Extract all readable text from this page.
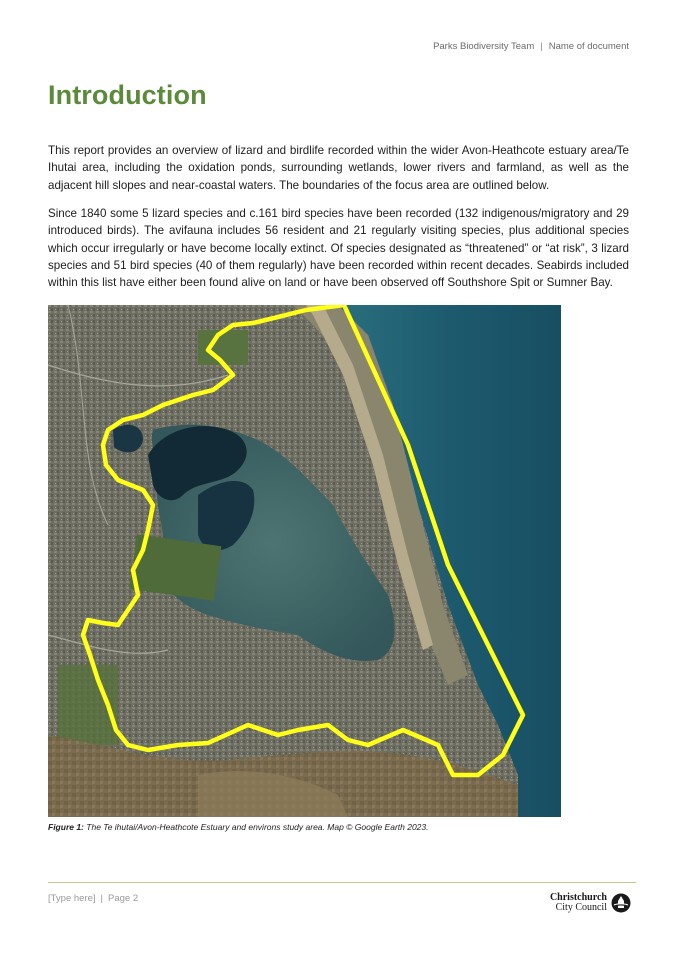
Parks Biodiversity Team | Name of document
Introduction

This report provides an overview of lizard and birdlife recorded within the wider Avon-Heathcote estuary area/Te Ihutai area, including the oxidation ponds, surrounding wetlands, lower rivers and farmland, as well as the adjacent hill slopes and near-coastal waters. The boundaries of the focus area are outlined below.

Since 1840 some 5 lizard species and c.161 bird species have been recorded (132 indigenous/migratory and 29 introduced birds). The avifauna includes 56 resident and 21 regularly visiting species, plus additional species which occur irregularly or have become locally extinct. Of species designated as “threatened” or “at risk”, 3 lizard species and 51 bird species (40 of them regularly) have been recorded within recent decades. Seabirds included within this list have either been found alive on land or have been observed off Southshore Spit or Sumner Bay.

Figure 1: The Te ihutai/Avon-Heathcote Estuary and environs study area. Map © Google Earth 2023.
[Type here] | Page 2	Christchurch
City Council
